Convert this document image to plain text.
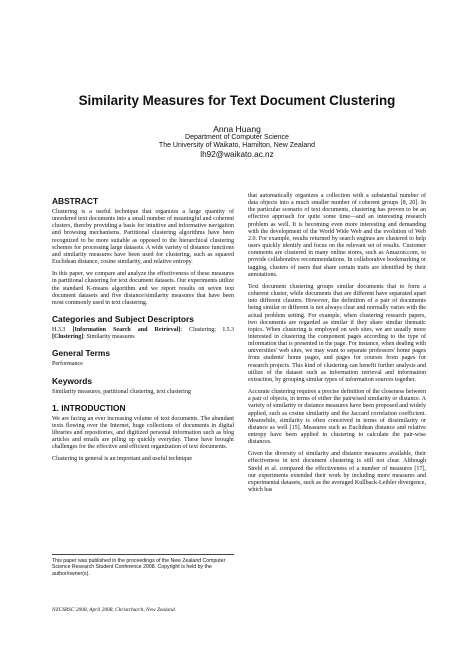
Similarity Measures for Text Document Clustering
Anna Huang
Department of Computer Science
The University of Waikato, Hamilton, New Zealand
lh92@waikato.ac.nz
ABSTRACT

Clustering is a useful technique that organizes a large quantity of unordered text documents into a small number of meaningful and coherent clusters, thereby providing a basis for intuitive and informative navigation and browsing mechanisms. Partitional clustering algorithms have been recognized to be more suitable as opposed to the hierarchical clustering schemes for processing large datasets. A wide variety of distance functions and similarity measures have been used for clustering, such as squared Euclidean distance, cosine similarity, and relative entropy.

In this paper, we compare and analyze the effectiveness of these measures in partitional clustering for text document datasets. Our experiments utilize the standard K-means algorithm and we report results on seven text document datasets and five distance/similarity measures that have been most commonly used in text clustering.

Categories and Subject Descriptors

H.3.3 [Information Search and Retrieval]: Clustering; I.5.3 [Clustering]: Similarity measures

General Terms

Performance

Keywords

Similarity measures, partitional clustering, text clustering

1. INTRODUCTION

We are facing an ever increasing volume of text documents. The abundant texts flowing over the Internet, huge collections of documents in digital libraries and repositories, and digitized personal information such as blog articles and emails are piling up quickly everyday. These have brought challenges for the effective and efficient organization of text documents.

Clustering in general is an important and useful technique

This paper was published in the proceedings of the New Zealand Computer Science Research Student Conference 2008. Copyright is held by the author/owner(s).
NZCSRSC 2008, April 2008, Christchurch, New Zealand.

that automatically organizes a collection with a substantial number of data objects into a much smaller number of coherent groups [8, 20]. In the particular scenario of text documents, clustering has proven to be an effective approach for quite some time—and an interesting research problem as well. It is becoming even more interesting and demanding with the development of the World Wide Web and the evolution of Web 2.0. For example, results returned by search engines are clustered to help users quickly identify and focus on the relevant set of results. Customer comments are clustered in many online stores, such as Amazon.com, to provide collaborative recommendations. In collaborative bookmarking or tagging, clusters of users that share certain traits are identified by their annotations.

Text document clustering groups similar documents that to form a coherent cluster, while documents that are different have separated apart into different clusters. However, the definition of a pair of documents being similar or different is not always clear and normally varies with the actual problem setting. For example, when clustering research papers, two documents are regarded as similar if they share similar thematic topics. When clustering is employed on web sites, we are usually more interested in clustering the component pages according to the type of information that is presented in the page. For instance, when dealing with universities' web sites, we may want to separate professors' home pages from students' home pages, and pages for courses from pages for research projects. This kind of clustering can benefit further analysis and utilize of the dataset such as information retrieval and information extraction, by grouping similar types of information sources together.

Accurate clustering requires a precise definition of the closeness between a pair of objects, in terms of either the pairwised similarity or distance. A variety of similarity or distance measures have been proposed and widely applied, such as cosine similarity and the Jaccard correlation coefficient. Meanwhile, similarity is often conceived in terms of dissimilarity or distance as well [15]. Measures such as Euclidean distance and relative entropy have been applied in clustering to calculate the pair-wise distances.

Given the diversity of similarity and distance measures available, their effectiveness in text document clustering is still not clear. Although Strehl et al. compared the effectiveness of a number of measures [17], our experiments extended their work by including more measures and experimental datasets, such as the averaged Kullback-Leibler divergence, which has
